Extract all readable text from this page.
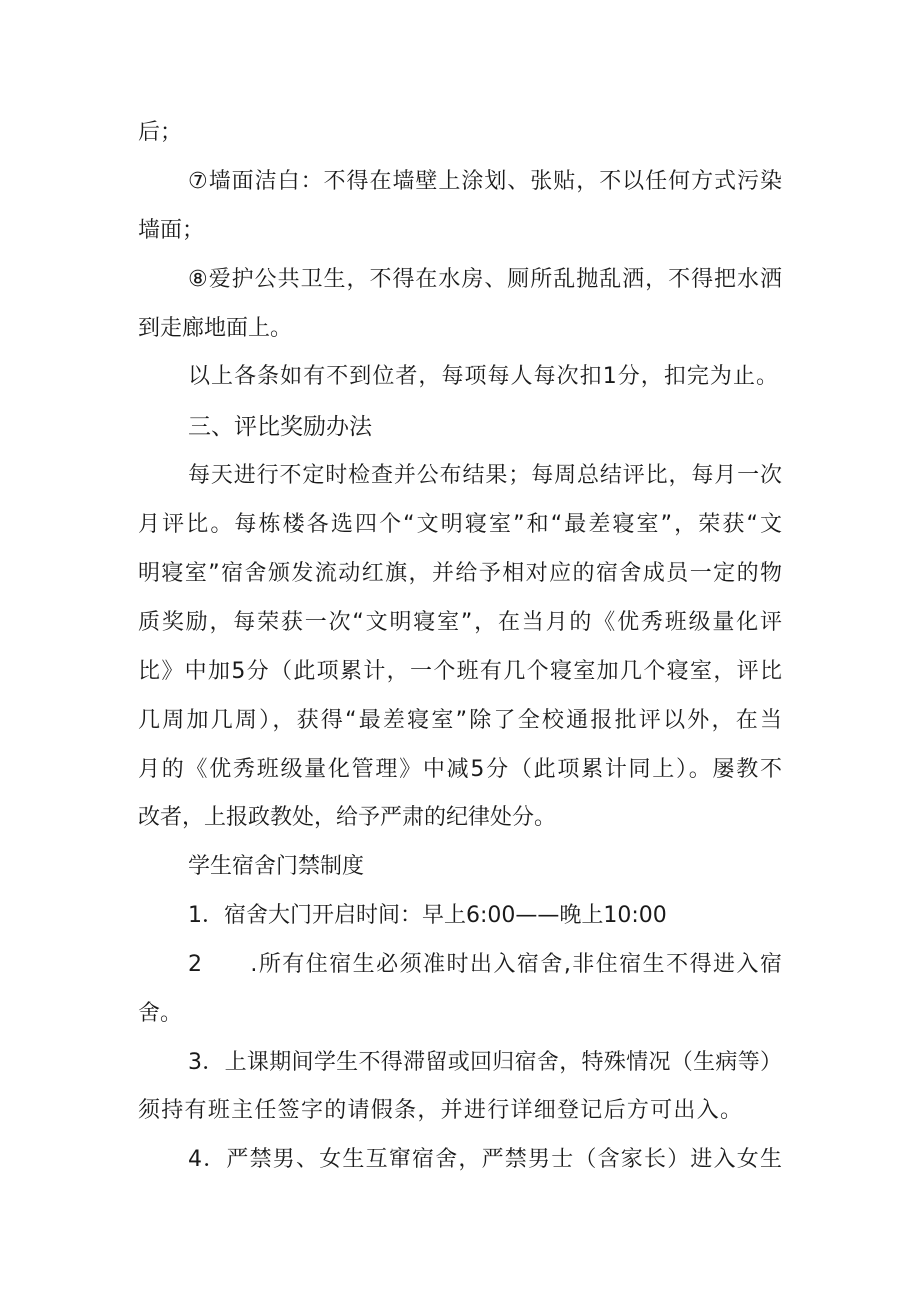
后；
⑦墙面洁白：不得在墙壁上涂划、张贴，不以任何方式污染
墙面；
⑧爱护公共卫生，不得在水房、厕所乱抛乱洒，不得把水洒
到走廊地面上。
以上各条如有不到位者，每项每人每次扣1分，扣完为止。
三、评比奖励办法
每天进行不定时检查并公布结果；每周总结评比，每月一次
月评比。每栋楼各选四个“文明寝室”和“最差寝室”，荣获“文
明寝室”宿舍颁发流动红旗，并给予相对应的宿舍成员一定的物
质奖励，每荣获一次“文明寝室”，在当月的《优秀班级量化评
比》中加5分（此项累计，一个班有几个寝室加几个寝室，评比
几周加几周），获得“最差寝室”除了全校通报批评以外，在当
月的《优秀班级量化管理》中减5分（此项累计同上）。屡教不
改者，上报政教处，给予严肃的纪律处分。
学生宿舍门禁制度
1．宿舍大门开启时间：早上6:00——晚上10:00
2　　.所有住宿生必须准时出入宿舍,非住宿生不得进入宿
舍。
3．上课期间学生不得滞留或回归宿舍，特殊情况（生病等）
须持有班主任签字的请假条，并进行详细登记后方可出入。
4．严禁男、女生互窜宿舍，严禁男士（含家长）进入女生
